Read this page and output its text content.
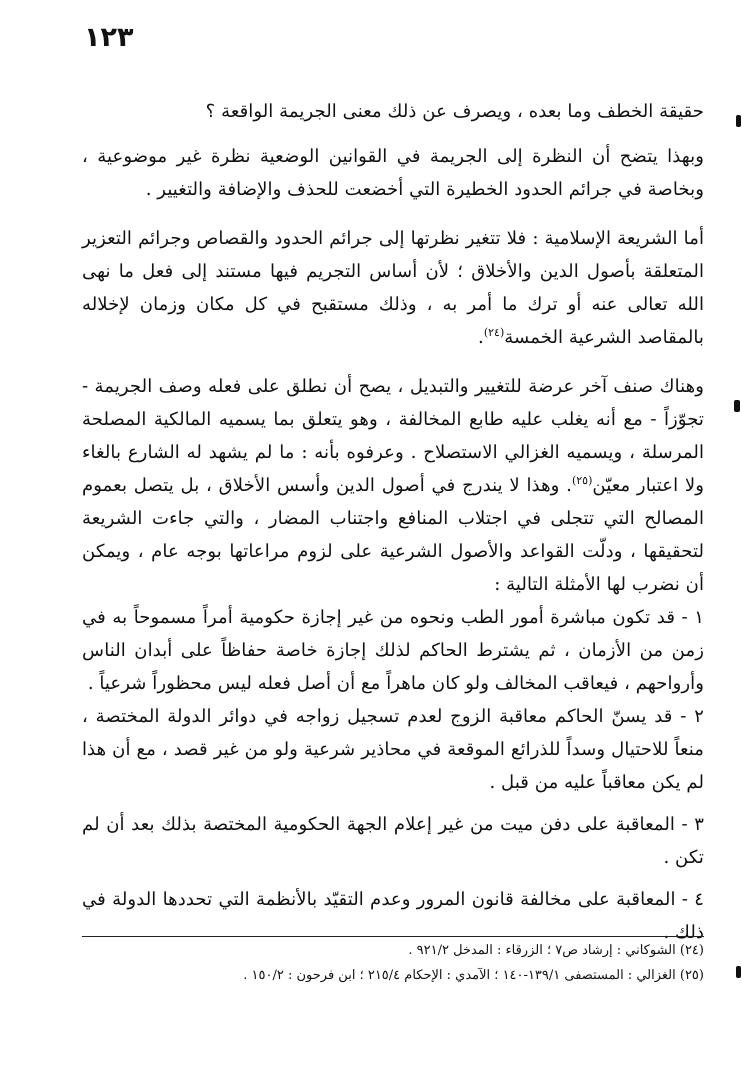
١٢٣

حقيقة الخطف وما بعده ، ويصرف عن ذلك معنى الجريمة الواقعة ؟

وبهذا يتضح أن النظرة إلى الجريمة في القوانين الوضعية نظرة غير موضوعية ، وبخاصة في جرائم الحدود الخطيرة التي أخضعت للحذف والإضافة والتغيير .

أما الشريعة الإسلامية : فلا تتغير نظرتها إلى جرائم الحدود والقصاص وجرائم التعزير المتعلقة بأصول الدين والأخلاق ؛ لأن أساس التجريم فيها مستند إلى فعل ما نهى الله تعالى عنه أو ترك ما أمر به ، وذلك مستقبح في كل مكان وزمان لإخلاله بالمقاصد الشرعية الخمسة$^{(٢٤)}$.

وهناك صنف آخر عرضة للتغيير والتبديل ، يصح أن نطلق على فعله وصف الجريمة - تجوّزاً - مع أنه يغلب عليه طابع المخالفة ، وهو يتعلق بما يسميه المالكية المصلحة المرسلة ، ويسميه الغزالي الاستصلاح . وعرفوه بأنه : ما لم يشهد له الشارع بالغاء ولا اعتبار معيّن$^{(٢٥)}$. وهذا لا يندرج في أصول الدين وأسس الأخلاق ، بل يتصل بعموم المصالح التي تتجلى في اجتلاب المنافع واجتناب المضار ، والتي جاءت الشريعة لتحقيقها ، ودلّت القواعد والأصول الشرعية على لزوم مراعاتها بوجه عام ، ويمكن أن نضرب لها الأمثلة التالية :

١ - قد تكون مباشرة أمور الطب ونحوه من غير إجازة حكومية أمراً مسموحاً به في زمن من الأزمان ، ثم يشترط الحاكم لذلك إجازة خاصة حفاظاً على أبدان الناس وأرواحهم ، فيعاقب المخالف ولو كان ماهراً مع أن أصل فعله ليس محظوراً شرعياً .

٢ - قد يسنّ الحاكم معاقبة الزوج لعدم تسجيل زواجه في دوائر الدولة المختصة ، منعاً للاحتيال وسداً للذرائع الموقعة في محاذير شرعية ولو من غير قصد ، مع أن هذا لم يكن معاقباً عليه من قبل .

٣ - المعاقبة على دفن ميت من غير إعلام الجهة الحكومية المختصة بذلك بعد أن لم تكن .

٤ - المعاقبة على مخالفة قانون المرور وعدم التقيّد بالأنظمة التي تحددها الدولة في ذلك .

(٢٤) الشوكاني : إرشاد ص٧ ؛ الزرقاء : المدخل ٩٢١/٢ .

(٢٥) الغزالي : المستصفى ١٣٩/١-١٤٠ ؛ الآمدي : الإحكام ٢١٥/٤ ؛ ابن فرحون : ١٥٠/٢ .
